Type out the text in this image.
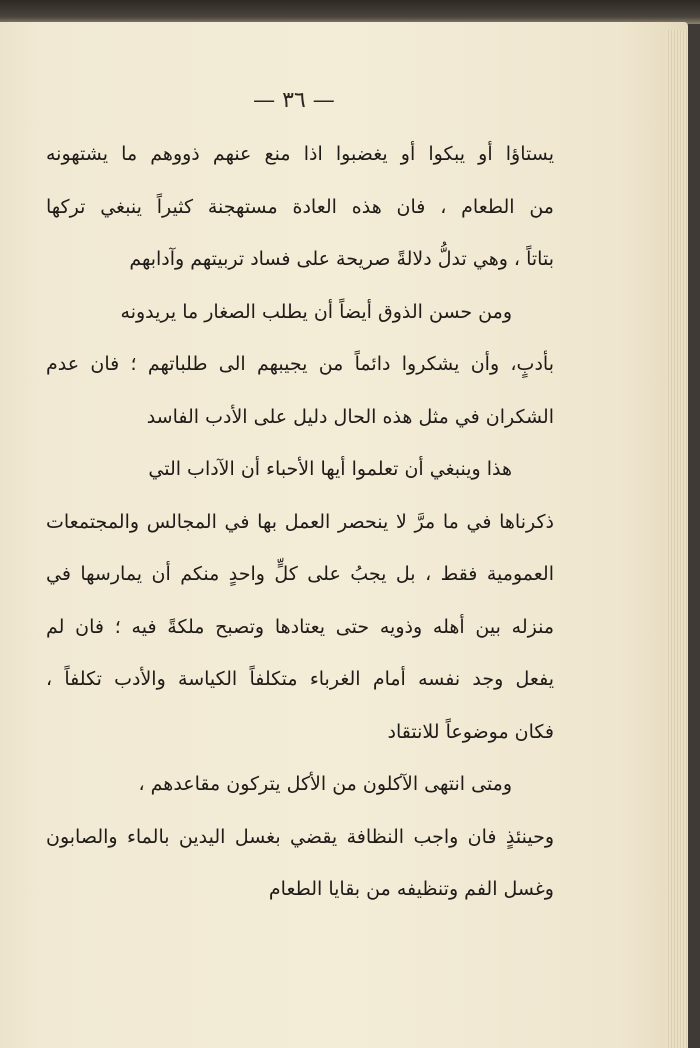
— ٣٦ —
يستاؤا أو يبكوا أو يغضبوا اذا منع عنهم ذووهم ما يشتهونه
من الطعام ، فان هذه العادة مستهجنة كثيراً ينبغي تركها
بتاتاً ، وهي تدلُّ دلالةً صريحة على فساد تربيتهم وآدابهم
ومن حسن الذوق أيضاً أن يطلب الصغار ما يريدونه
بأدبٍ، وأن يشكروا دائماً من يجيبهم الى طلباتهم ؛ فان عدم
الشكران في مثل هذه الحال دليل على الأدب الفاسد
هذا وينبغي أن تعلموا أيها الأحباء أن الآداب التي
ذكرناها في ما مرَّ لا ينحصر العمل بها في المجالس والمجتمعات
العمومية فقط ، بل يجبُ على كلٍّ واحدٍ منكم أن يمارسها في
منزله بين أهله وذويه حتى يعتادها وتصبح ملكةً فيه ؛ فان لم
يفعل وجد نفسه أمام الغرباء متكلفاً الكياسة والأدب تكلفاً ،
فكان موضوعاً للانتقاد
ومتى انتهى الآكلون من الأكل يتركون مقاعدهم ،
وحينئذٍ فان واجب النظافة يقضي بغسل اليدين بالماء والصابون
وغسل الفم وتنظيفه من بقايا الطعام
